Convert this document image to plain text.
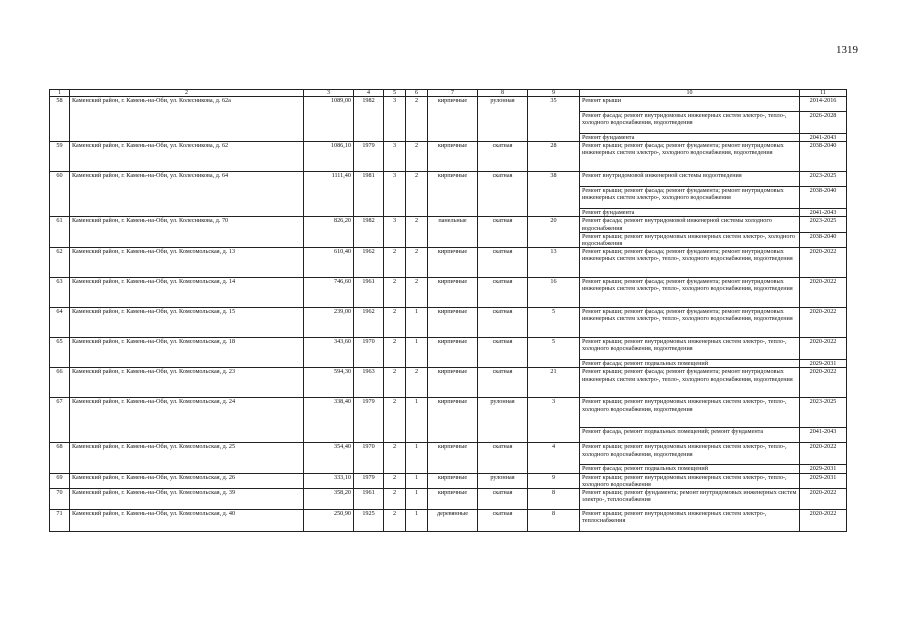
1319
1	2	3	4	5	6	7	8	9	10	11
58	Каменский район, г. Камень-на-Оби, ул. Колесникова, д. 62а	1089,00	1982	3	2	кирпичные	рулонная	35	Ремонт крыши	2014-2016
									Ремонт фасада; ремонт внутридомовых инженерных систем электро-, тепло-, холодного водоснабжения, водоотведения	2026-2028
									Ремонт фундамента	2041-2043
59	Каменский район, г. Камень-на-Оби, ул. Колесникова, д. 62	1086,10	1979	3	2	кирпичные	скатная	28	Ремонт крыши; ремонт фасада; ремонт фундамента; ремонт внутридомовых инженерных систем электро-, холодного водоснабжения, водоотведения	2038-2040
60	Каменский район, г. Камень-на-Оби, ул. Колесникова, д. 64	1111,40	1981	3	2	кирпичные	скатная	38	Ремонт внутридомовой инженерной системы водоотведения	2023-2025
									Ремонт крыши; ремонт фасада; ремонт фундамента; ремонт внутридомовых инженерных систем электро-, холодного водоснабжения	2038-2040
									Ремонт фундамента	2041-2043
61	Каменский район, г. Камень-на-Оби, ул. Колесникова, д. 70	826,20	1982	3	2	панельные	скатная	20	Ремонт фасада; ремонт внутридомовой инженерной системы холодного водоснабжения	2023-2025
									Ремонт крыши; ремонт внутридомовых инженерных систем электро-, холодного водоснабжения	2038-2040
62	Каменский район, г. Камень-на-Оби, ул. Комсомольская, д. 13	610,40	1962	2	2	кирпичные	скатная	13	Ремонт крыши; ремонт фасада; ремонт фундамента; ремонт внутридомовых инженерных систем электро-, тепло-, холодного водоснабжения, водоотведения	2020-2022
63	Каменский район, г. Камень-на-Оби, ул. Комсомольская, д. 14	746,60	1961	2	2	кирпичные	скатная	16	Ремонт крыши; ремонт фасада; ремонт фундамента; ремонт внутридомовых инженерных систем электро-, тепло-, холодного водоснабжения, водоотведения	2020-2022
64	Каменский район, г. Камень-на-Оби, ул. Комсомольская, д. 15	239,00	1962	2	1	кирпичные	скатная	5	Ремонт крыши; ремонт фасада; ремонт фундамента; ремонт внутридомовых инженерных систем электро-, тепло-, холодного водоснабжения, водоотведения	2020-2022
65	Каменский район, г. Камень-на-Оби, ул. Комсомольская, д. 18	343,60	1970	2	1	кирпичные	скатная	5	Ремонт крыши; ремонт внутридомовых инженерных систем электро-, тепло-, холодного водоснабжения, водоотведения	2020-2022
									Ремонт фасада; ремонт подвальных помещений	2029-2031
66	Каменский район, г. Камень-на-Оби, ул. Комсомольская, д. 23	594,30	1963	2	2	кирпичные	скатная	21	Ремонт крыши; ремонт фасада; ремонт фундамента; ремонт внутридомовых инженерных систем электро-, тепло-, холодного водоснабжения, водоотведения	2020-2022
67	Каменский район, г. Камень-на-Оби, ул. Комсомольская, д. 24	338,40	1979	2	1	кирпичные	рулонная	3	Ремонт крыши; ремонт внутридомовых инженерных систем электро-, тепло-, холодного водоснабжения, водоотведения	2023-2025
									Ремонт фасада, ремонт подвальных помещений; ремонт фундамента	2041-2043
68	Каменский район, г. Камень-на-Оби, ул. Комсомольская, д. 25	354,40	1970	2	1	кирпичные	скатная	4	Ремонт крыши; ремонт внутридомовых инженерных систем электро-, тепло-, холодного водоснабжения, водоотведения	2020-2022
									Ремонт фасада; ремонт подвальных помещений	2029-2031
69	Каменский район, г. Камень-на-Оби, ул. Комсомольская, д. 26	333,10	1979	2	1	кирпичные	рулонная	9	Ремонт крыши; ремонт внутридомовых инженерных систем электро-, тепло-, холодного водоснабжения	2029-2031
70	Каменский район, г. Камень-на-Оби, ул. Комсомольская, д. 39	358,20	1961	2	1	кирпичные	скатная	8	Ремонт крыши; ремонт фундамента; ремонт внутридомовых инженерных систем электро-, теплоснабжения	2020-2022
71	Каменский район, г. Камень-на-Оби, ул. Комсомольская, д. 40	250,90	1925	2	1	деревянные	скатная	8	Ремонт крыши; ремонт внутридомовых инженерных систем электро-, теплоснабжения	2020-2022
